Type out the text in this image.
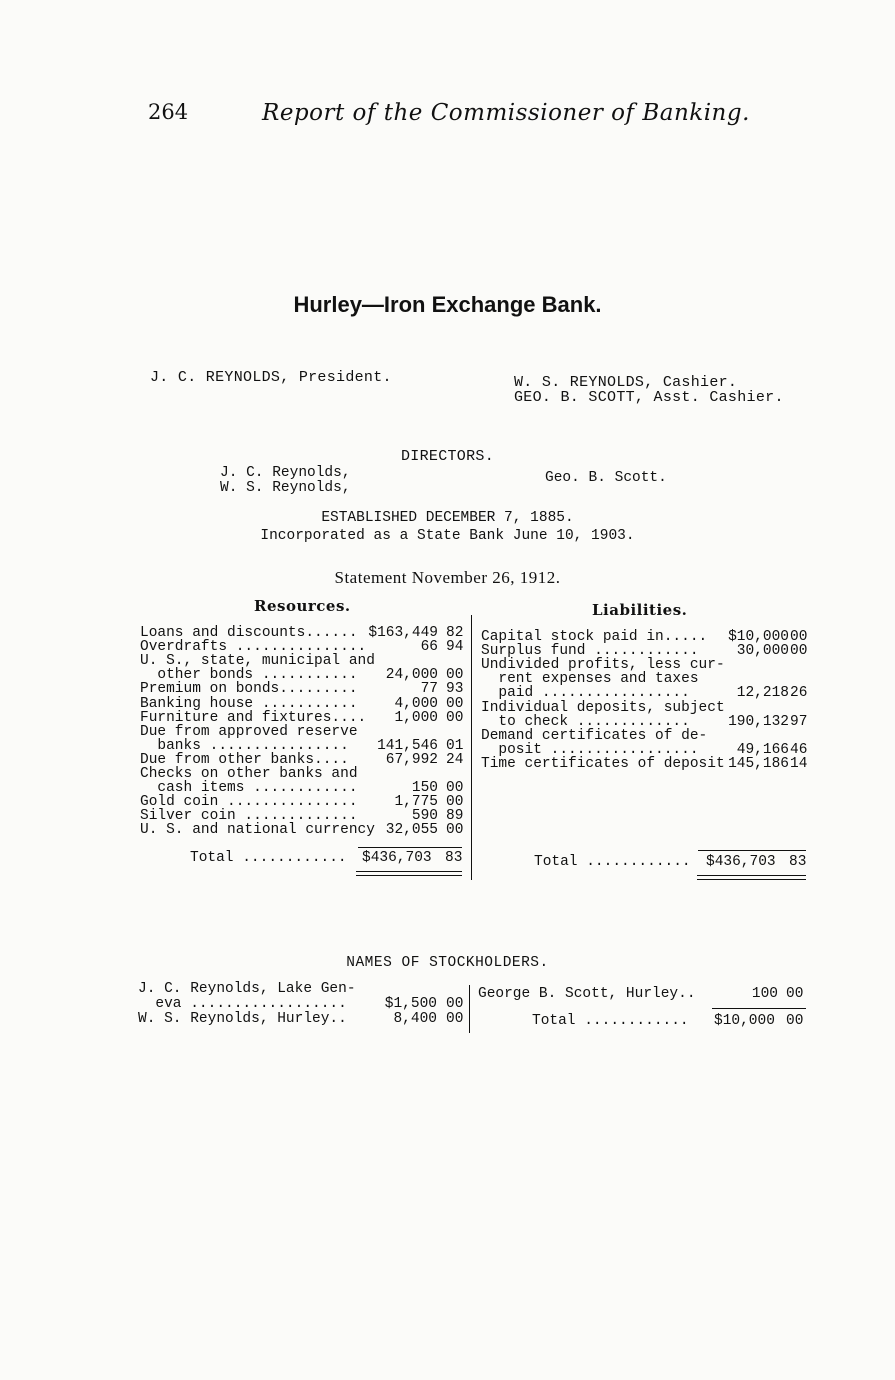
264	Report of the Commissioner of Banking.
Hurley—Iron Exchange Bank.
J. C. REYNOLDS, President.	W. S. REYNOLDS, Cashier.
GEO. B. SCOTT, Asst. Cashier.
DIRECTORS.
J. C. Reynolds,
W. S. Reynolds,
Geo. B. Scott.
ESTABLISHED DECEMBER 7, 1885.
Incorporated as a State Bank June 10, 1903.
Statement November 26, 1912.
Resources.	Liabilities.
Loans and discounts...... $163,449 82
Overdrafts ...............	66 94
U. S., state, municipal and
other bonds ........... 24,000 00
Premium on bonds.........	77 93
Banking house ...........	4,000 00
Furniture and fixtures.... 1,000 00
Due from approved reserve
banks ................ 141,546 01
Due from other banks....	67,992 24
Checks on other banks and
cash items ............	150 00
Gold coin ...............	1,775 00
Silver coin .............	590 89
U. S. and national currency 32,055 00
Total ............ $436,703 83
Capital stock paid in..... $10,000 00
Surplus fund ............	30,000 00
Undivided profits, less cur-
rent expenses and taxes
paid .................	12,218 26
Individual deposits, subject
to check .............	190,132 97
Demand certificates of de-
posit .................	49,166 46
Time certificates of deposit 145,186 14
Total ............ $436,703 83
NAMES OF STOCKHOLDERS.
J. C. Reynolds, Lake Gen-
eva ..................	$1,500 00
W. S. Reynolds, Hurley..	8,400 00
George B. Scott, Hurley..	100 00
Total ............ $10,000 00
